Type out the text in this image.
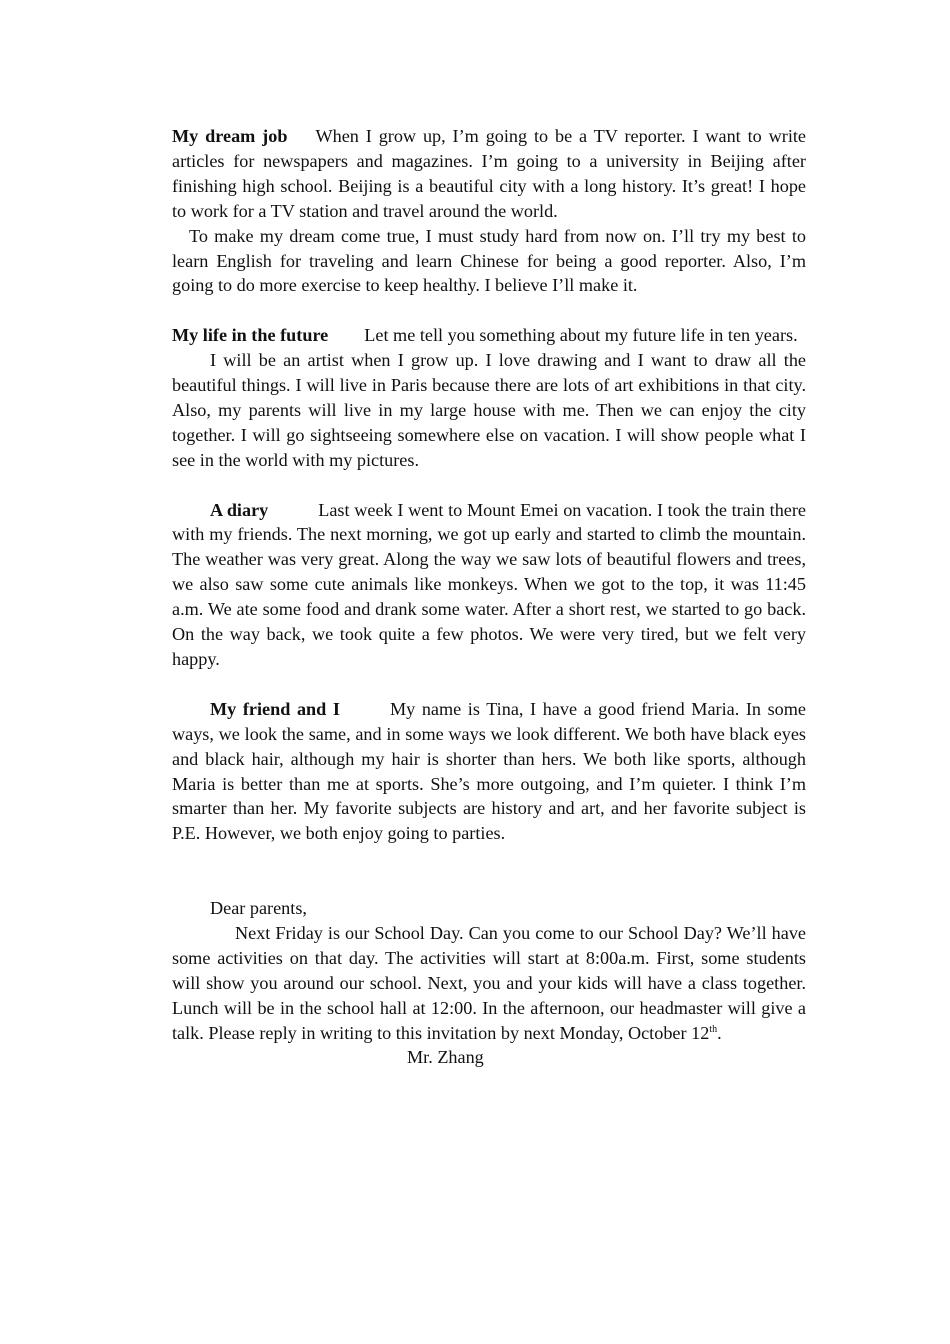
My dream job When I grow up, I’m going to be a TV reporter. I want to write articles for newspapers and magazines. I’m going to a university in Beijing after finishing high school. Beijing is a beautiful city with a long history. It’s great! I hope to work for a TV station and travel around the world.

To make my dream come true, I must study hard from now on. I’ll try my best to learn English for traveling and learn Chinese for being a good reporter. Also, I’m going to do more exercise to keep healthy. I believe I’ll make it.

My life in the future Let me tell you something about my future life in ten years.

I will be an artist when I grow up. I love drawing and I want to draw all the beautiful things. I will live in Paris because there are lots of art exhibitions in that city. Also, my parents will live in my large house with me. Then we can enjoy the city together. I will go sightseeing somewhere else on vacation. I will show people what I see in the world with my pictures.

A diary	Last week I went to Mount Emei on vacation. I took the train there with my friends. The next morning, we got up early and started to climb the mountain. The weather was very great. Along the way we saw lots of beautiful flowers and trees, we also saw some cute animals like monkeys. When we got to the top, it was 11:45 a.m. We ate some food and drank some water. After a short rest, we started to go back. On the way back, we took quite a few photos. We were very tired, but we felt very happy.

My friend and I	My name is Tina, I have a good friend Maria. In some ways, we look the same, and in some ways we look different. We both have black eyes and black hair, although my hair is shorter than hers. We both like sports, although Maria is better than me at sports. She’s more outgoing, and I’m quieter. I think I’m smarter than her. My favorite subjects are history and art, and her favorite subject is P.E. However, we both enjoy going to parties.

Dear parents,

Next Friday is our School Day. Can you come to our School Day? We’ll have some activities on that day. The activities will start at 8:00a.m. First, some students will show you around our school. Next, you and your kids will have a class together. Lunch will be in the school hall at 12:00. In the afternoon, our headmaster will give a talk. Please reply in writing to this invitation by next Monday, October 12th.

Mr. Zhang
